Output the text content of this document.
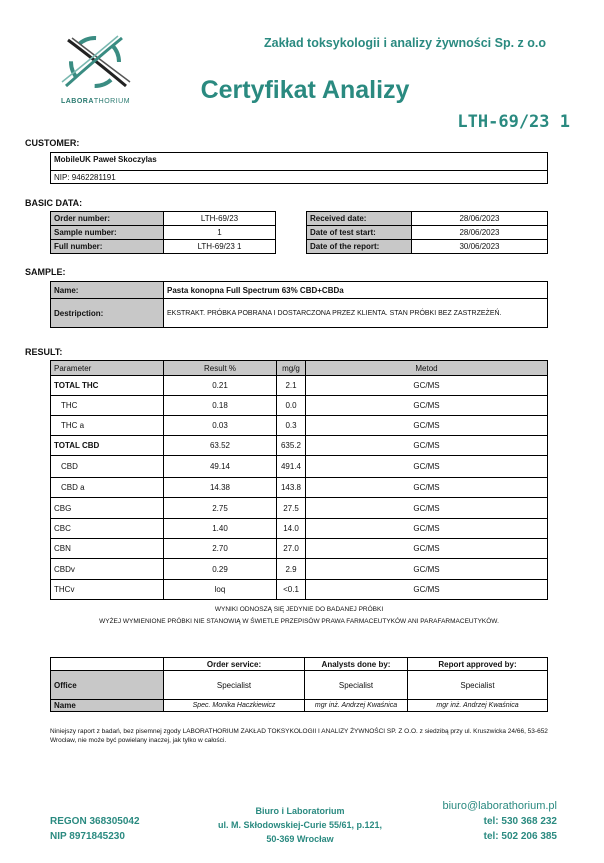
LABORATHORIUM
Zakład toksykologii i analizy żywności Sp. z o.o
Certyfikat Analizy
LTH-69/23 1
CUSTOMER:
MobileUK Paweł Skoczylas
NIP: 9462281191
BASIC DATA:
Order number:	LTH-69/23
Sample number:	1
Full number:	LTH-69/23 1
Received date:	28/06/2023
Date of test start:	28/06/2023
Date of the report:	30/06/2023
SAMPLE:
Name:	Pasta konopna Full Spectrum 63% CBD+CBDa
Destripction:	EKSTRAKT. PRÓBKA POBRANA I DOSTARCZONA PRZEZ KLIENTA. STAN PRÓBKI BEZ ZASTRZEŻEŃ.
RESULT:
Parameter	Result %	mg/g	Metod
TOTAL THC	0.21	2.1	GC/MS
THC	0.18	0.0	GC/MS
THC a	0.03	0.3	GC/MS
TOTAL CBD	63.52	635.2	GC/MS
CBD	49.14	491.4	GC/MS
CBD a	14.38	143.8	GC/MS
CBG	2.75	27.5	GC/MS
CBC	1.40	14.0	GC/MS
CBN	2.70	27.0	GC/MS
CBDv	0.29	2.9	GC/MS
THCv	loq	<0.1	GC/MS
WYNIKI ODNOSZĄ SIĘ JEDYNIE DO BADANEJ PRÓBKI
WYŻEJ WYMIENIONE PRÓBKI NIE STANOWIĄ W ŚWIETLE PRZEPISÓW PRAWA FARMACEUTYKÓW ANI PARAFARMACEUTYKÓW.
	Order service:	Analysts done by:	Report approved by:
Office	Specialist	Specialist	Specialist
Name	Spec. Monika Haczkiewicz	mgr inż. Andrzej Kwaśnica	mgr inż. Andrzej Kwaśnica
Niniejszy raport z badań, bez pisemnej zgody LABORATHORIUM ZAKŁAD TOKSYKOLOGII I ANALIZY ŻYWNOŚCI SP. Z O.O. z siedzibą przy ul. Kruszwicka 24/66, 53-652 Wrocław, nie może być powielany inaczej, jak tylko w całości.
REGON 368305042
NIP 8971845230
Biuro i Laboratorium
ul. M. Skłodowskiej-Curie 55/61, p.121,
50-369 Wrocław
biuro@laborathorium.pl
tel: 530 368 232
tel: 502 206 385
